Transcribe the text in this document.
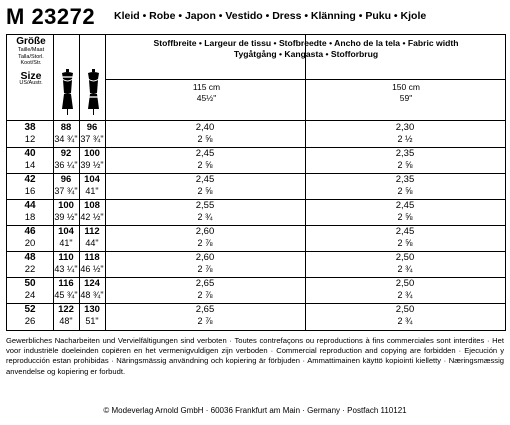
M 23272 Kleid • Robe • Japon • Vestido • Dress • Klänning • Puku • Kjole
Größe
Taille/Maat
Talla/Storl.
Koot/Str.
Size
US/Austr.
Stoffbreite • Largeur de tissu • Stofbreedte • Ancho de la tela • Fabric width
Tygåtgång • Kangasta • Stofforbrug
115 cm
45½"
150 cm
59"
38
12
88
34 ¾"
96
37 ¾"
2,40
2 ⅝
2,30
2 ½
40
14
92
36 ¼"
100
39 ½"
2,45
2 ⅝
2,35
2 ⅝
42
16
96
37 ¾"
104
41"
2,45
2 ⅝
2,35
2 ⅝
44
18
100
39 ½"
108
42 ½"
2,55
2 ¾
2,45
2 ⅝
46
20
104
41"
112
44"
2,60
2 ⅞
2,45
2 ⅝
48
22
110
43 ¼"
118
46 ½"
2,60
2 ⅞
2,50
2 ¾
50
24
116
45 ¾"
124
48 ¾"
2,65
2 ⅞
2,50
2 ¾
52
26
122
48"
130
51"
2,65
2 ⅞
2,50
2 ¾
Gewerbliches Nacharbeiten und Vervielfältigungen sind verboten · Toutes contrefaçons ou reproductions à fins commerciales sont interdites · Het voor industriële doeleinden copiëren en het vermenigvuldigen zijn verboden · Commercial reproduction and copying are forbidden · Ejecución y reproducción estan prohibidas · Näringsmässig användning och kopiering är förbjuden · Ammattimainen käyttö kopiointi kielletty · Næringsmæssig anvendelse og kopiering er forbudt.
© Modeverlag Arnold GmbH · 60036 Frankfurt am Main · Germany · Postfach 110121
